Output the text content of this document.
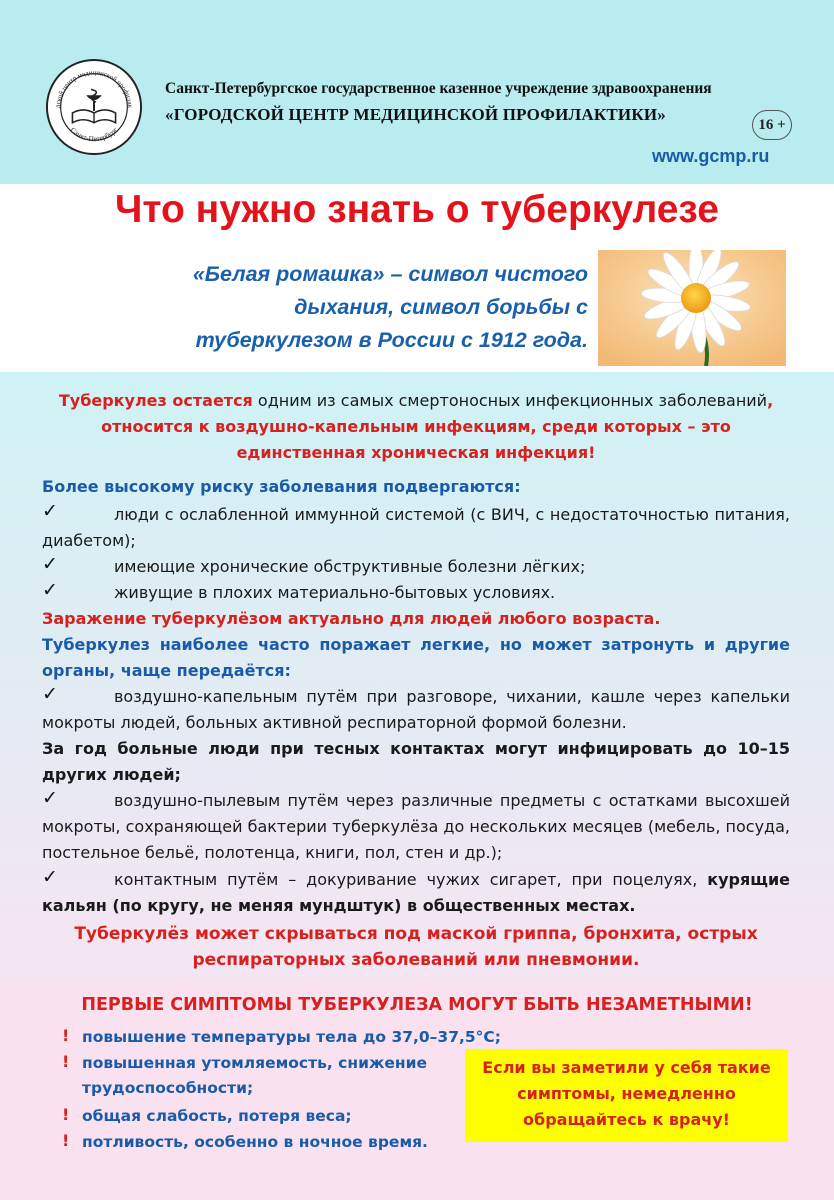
дской центр медицинской профилак
Санкт-Петербург
Санкт-Петербургское государственное казенное учреждение здравоохранения
«ГОРОДСКОЙ ЦЕНТР МЕДИЦИНСКОЙ ПРОФИЛАКТИКИ»
16 +
www.gcmp.ru
Что нужно знать о туберкулезе
«Белая ромашка» – символ чистого дыхания, символ борьбы с туберкулезом в России с 1912 года.
Туберкулез остается одним из самых смертоносных инфекционных заболеваний, относится к воздушно-капельным инфекциям, среди которых – это единственная хроническая инфекция!
Более высокому риску заболевания подвергаются:
✓	люди с ослабленной иммунной системой (с ВИЧ, с недостаточностью питания, диабетом);
✓	имеющие хронические обструктивные болезни лёгких;
✓	живущие в плохих материально-бытовых условиях.
Заражение туберкулёзом актуально для людей любого возраста.
Туберкулез наиболее часто поражает легкие, но может затронуть и другие органы, чаще передаётся:
✓	воздушно-капельным путём при разговоре, чихании, кашле через капельки мокроты людей, больных активной респираторной формой болезни.
За год больные люди при тесных контактах могут инфицировать до 10–15 других людей;
✓	воздушно-пылевым путём через различные предметы с остатками высохшей мокроты, сохраняющей бактерии туберкулёза до нескольких месяцев (мебель, посуда, постельное бельё, полотенца, книги, пол, стен и др.);
✓	контактным путём – докуривание чужих сигарет, при поцелуях, курящие кальян (по кругу, не меняя мундштук) в общественных местах.
Туберкулёз может скрываться под маской гриппа, бронхита, острых респираторных заболеваний или пневмонии.
ПЕРВЫЕ СИМПТОМЫ ТУБЕРКУЛЕЗА МОГУТ БЫТЬ НЕЗАМЕТНЫМИ!
! повышение температуры тела до 37,0–37,5°С;
! повышенная утомляемость, снижение
трудоспособности;
! общая слабость, потеря веса;
! потливость, особенно в ночное время.
Если вы заметили у себя такие симптомы, немедленно обращайтесь к врачу!
